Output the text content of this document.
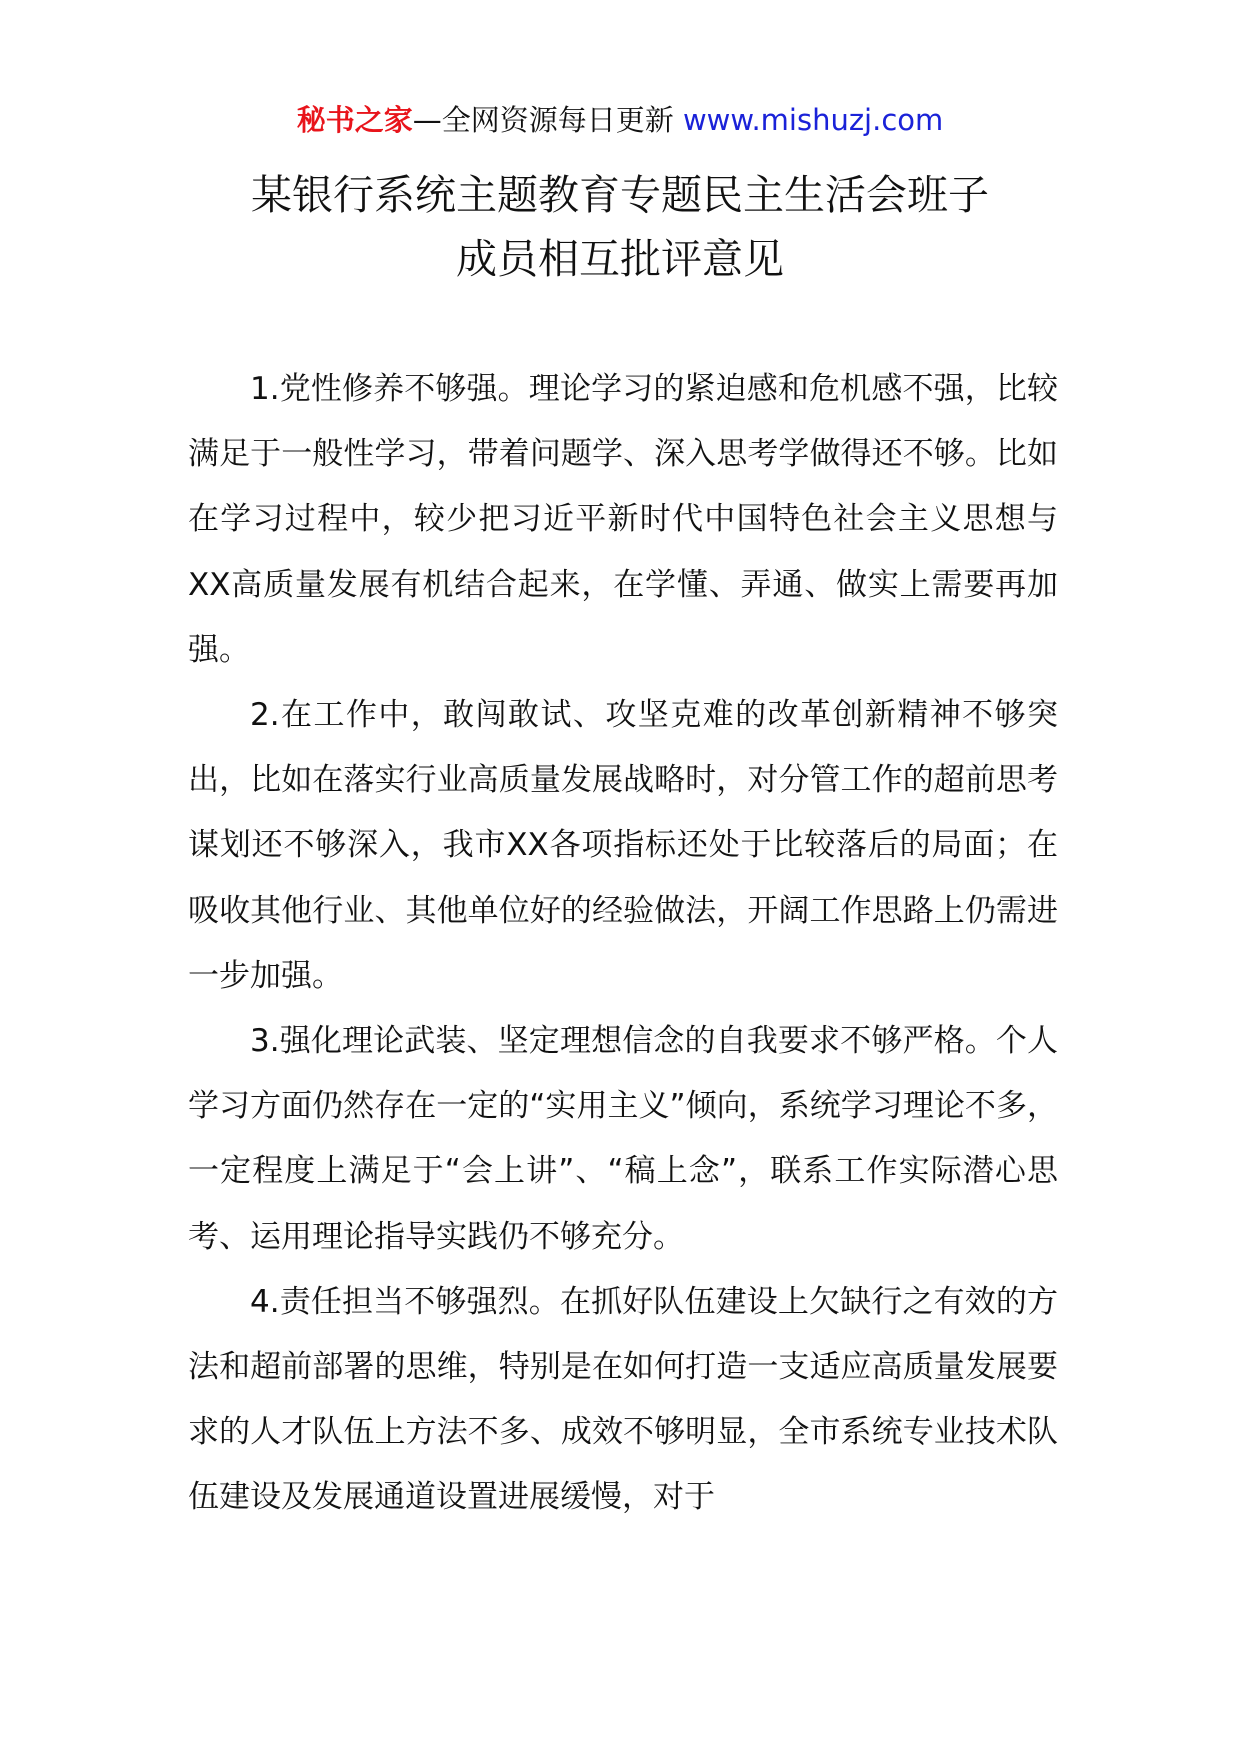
秘书之家—全网资源每日更新 www.mishuzj.com
某银行系统主题教育专题民主生活会班子
成员相互批评意见

1.党性修养不够强。理论学习的紧迫感和危机感不强，比较满足于一般性学习，带着问题学、深入思考学做得还不够。比如在学习过程中，较少把习近平新时代中国特色社会主义思想与XX高质量发展有机结合起来，在学懂、弄通、做实上需要再加强。

2.在工作中，敢闯敢试、攻坚克难的改革创新精神不够突出，比如在落实行业高质量发展战略时，对分管工作的超前思考谋划还不够深入，我市XX各项指标还处于比较落后的局面；在吸收其他行业、其他单位好的经验做法，开阔工作思路上仍需进一步加强。

3.强化理论武装、坚定理想信念的自我要求不够严格。个人学习方面仍然存在一定的“实用主义”倾向，系统学习理论不多，一定程度上满足于“会上讲”、“稿上念”，联系工作实际潜心思考、运用理论指导实践仍不够充分。

4.责任担当不够强烈。在抓好队伍建设上欠缺行之有效的方法和超前部署的思维，特别是在如何打造一支适应高质量发展要求的人才队伍上方法不多、成效不够明显，全市系统专业技术队伍建设及发展通道设置进展缓慢，对于
